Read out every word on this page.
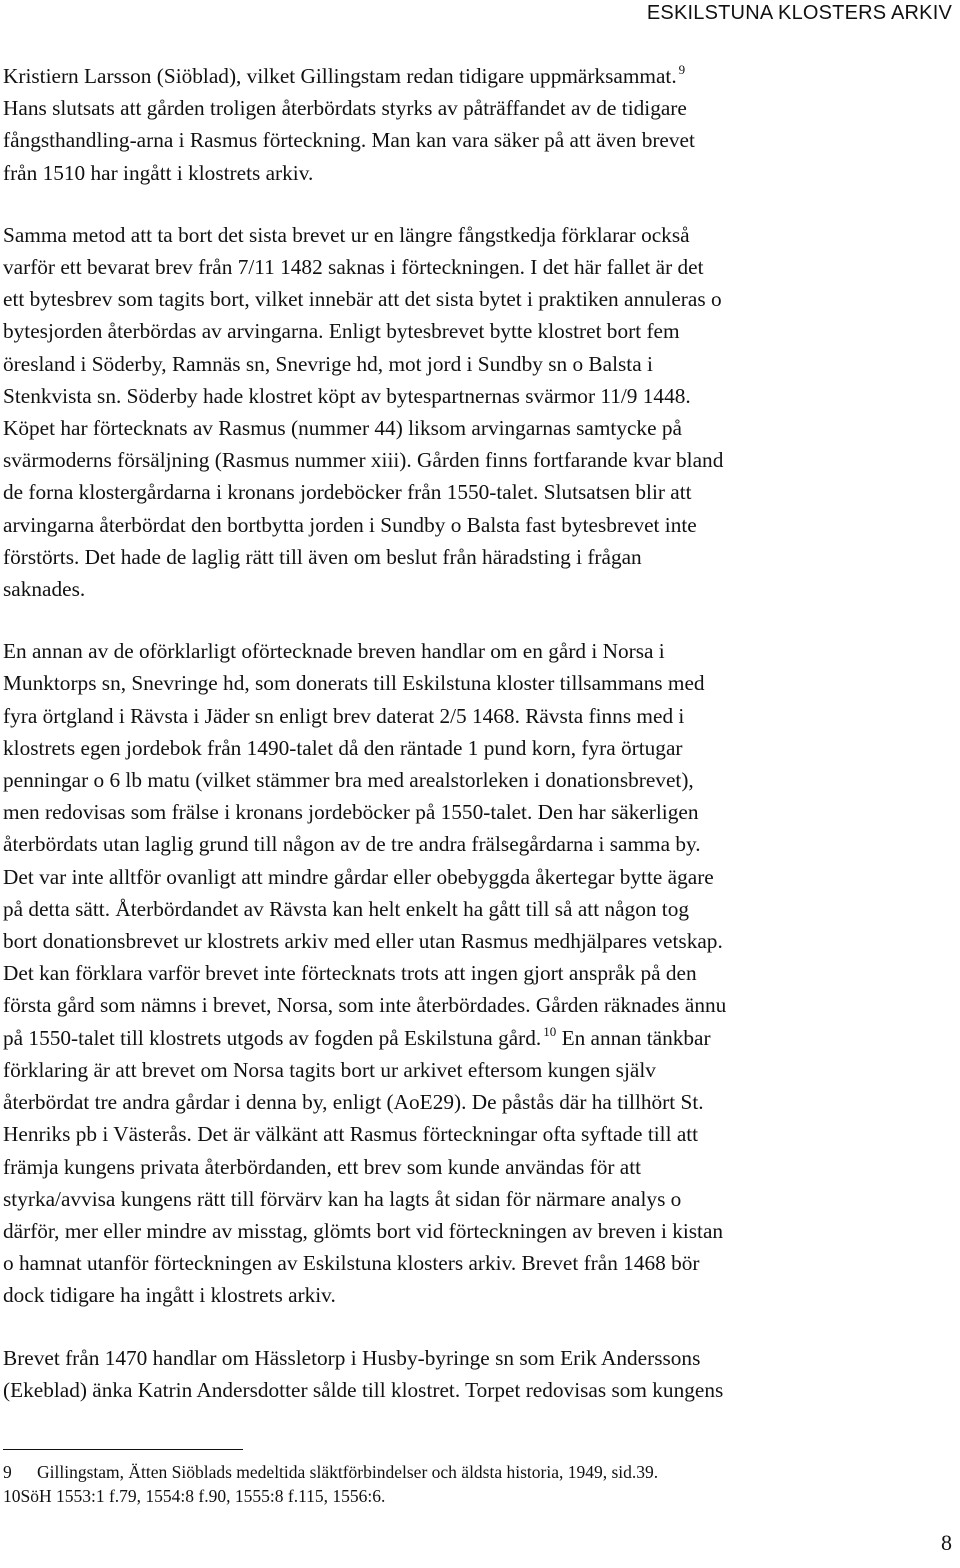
ESKILSTUNA KLOSTERS ARKIV

Kristiern Larsson (Siöblad), vilket Gillingstam redan tidigare uppmärksammat. $^9$
Hans slutsats att gården troligen återbördats styrks av påträffandet av de tidigare
fångsthandling-arna i Rasmus förteckning. Man kan vara säker på att även brevet
från 1510 har ingått i klostrets arkiv.

Samma metod att ta bort det sista brevet ur en längre fångstkedja förklarar också
varför ett bevarat brev från 7/11 1482 saknas i förteckningen. I det här fallet är det
ett bytesbrev som tagits bort, vilket innebär att det sista bytet i praktiken annuleras o
bytesjorden återbördas av arvingarna. Enligt bytesbrevet bytte klostret bort fem
öresland i Söderby, Ramnäs sn, Snevrige hd, mot jord i Sundby sn o Balsta i
Stenkvista sn. Söderby hade klostret köpt av bytespartnernas svärmor 11/9 1448.
Köpet har förtecknats av Rasmus (nummer 44) liksom arvingarnas samtycke på
svärmoderns försäljning (Rasmus nummer xiii). Gården finns fortfarande kvar bland
de forna klostergårdarna i kronans jordeböcker från 1550-talet. Slutsatsen blir att
arvingarna återbördat den bortbytta jorden i Sundby o Balsta fast bytesbrevet inte
förstörts. Det hade de laglig rätt till även om beslut från häradsting i frågan
saknades.

En annan av de oförklarligt oförtecknade breven handlar om en gård i Norsa i
Munktorps sn, Snevringe hd, som donerats till Eskilstuna kloster tillsammans med
fyra örtgland i Rävsta i Jäder sn enligt brev daterat 2/5 1468. Rävsta finns med i
klostrets egen jordebok från 1490-talet då den räntade 1 pund korn, fyra örtugar
penningar o 6 lb matu (vilket stämmer bra med arealstorleken i donationsbrevet),
men redovisas som frälse i kronans jordeböcker på 1550-talet. Den har säkerligen
återbördats utan laglig grund till någon av de tre andra frälsegårdarna i samma by.
Det var inte alltför ovanligt att mindre gårdar eller obebyggda åkertegar bytte ägare
på detta sätt. Återbördandet av Rävsta kan helt enkelt ha gått till så att någon tog
bort donationsbrevet ur klostrets arkiv med eller utan Rasmus medhjälpares vetskap.
Det kan förklara varför brevet inte förtecknats trots att ingen gjort anspråk på den
första gård som nämns i brevet, Norsa, som inte återbördades. Gården räknades ännu
på 1550-talet till klostrets utgods av fogden på Eskilstuna gård. $^{10}$ En annan tänkbar
förklaring är att brevet om Norsa tagits bort ur arkivet eftersom kungen själv
återbördat tre andra gårdar i denna by, enligt (AoE29). De påstås där ha tillhört St.
Henriks pb i Västerås. Det är välkänt att Rasmus förteckningar ofta syftade till att
främja kungens privata återbördanden, ett brev som kunde användas för att
styrka/avvisa kungens rätt till förvärv kan ha lagts åt sidan för närmare analys o
därför, mer eller mindre av misstag, glömts bort vid förteckningen av breven i kistan
o hamnat utanför förteckningen av Eskilstuna klosters arkiv. Brevet från 1468 bör
dock tidigare ha ingått i klostrets arkiv.

Brevet från 1470 handlar om Hässletorp i Husby-byringe sn som Erik Anderssons
(Ekeblad) änka Katrin Andersdotter sålde till klostret. Torpet redovisas som kungens

9 Gillingstam, Ätten Siöblads medeltida släktförbindelser och äldsta historia, 1949, sid.39.
10SöH 1553:1 f.79, 1554:8 f.90, 1555:8 f.115, 1556:6.
8
